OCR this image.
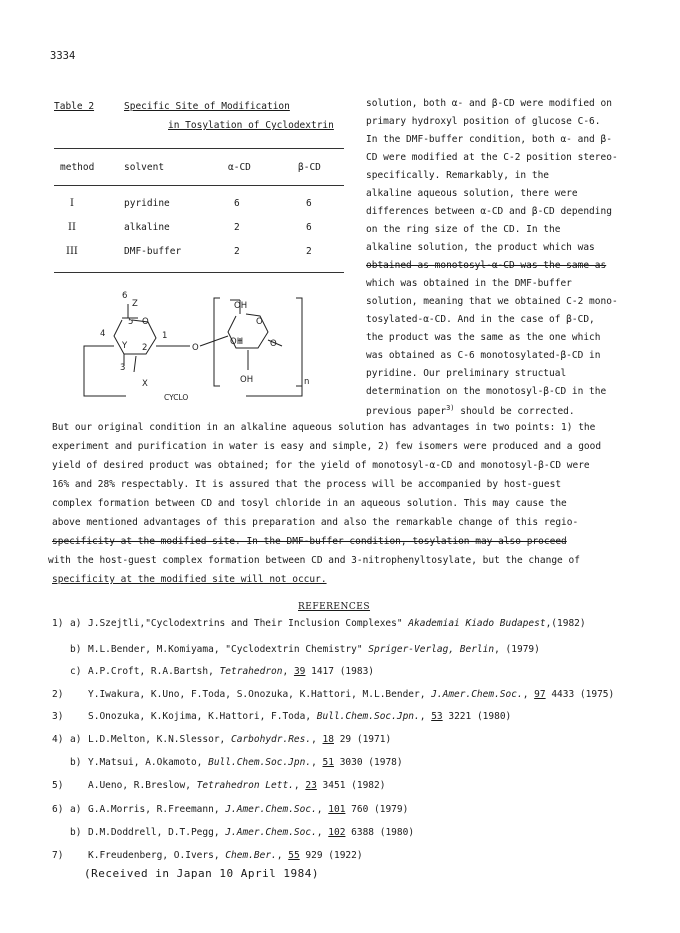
3334
Table 2	Specific Site of Modification
in Tosylation of Cyclodextrin
method	solvent	α-CD	β-CD
I	pyridine	6	6
II	alkaline	2	6
III	DMF-buffer	2	2
6
Z
5 O
4	1
Y 2
3
X
O
OH
O
OH	O
OH	n
CYCLO
solution, both α- and β-CD were modified on
primary hydroxyl position of glucose C-6.
In the DMF-buffer condition, both α- and β-
CD were modified at the C-2 position stereo-
specifically. Remarkably, in the
alkaline aqueous solution, there were
differences between α-CD and β-CD depending
on the ring size of the CD. In the
alkaline solution, the product which was
obtained as monotosyl-α-CD was the same as
which was obtained in the DMF-buffer
solution, meaning that we obtained C-2 mono-
tosylated-α-CD. And in the case of β-CD,
the product was the same as the one which
was obtained as C-6 monotosylated-β-CD in
pyridine. Our preliminary structual
determination on the monotosyl-β-CD in the
previous paper$^{3)}$ should be corrected.
But our original condition in an alkaline aqueous solution has advantages in two points: 1) the
experiment and purification in water is easy and simple, 2) few isomers were produced and a good
yield of desired product was obtained; for the yield of monotosyl-α-CD and monotosyl-β-CD were
16% and 28% respectably. It is assured that the process will be accompanied by host-guest
complex formation between CD and tosyl chloride in an aqueous solution. This may cause the
above mentioned advantages of this preparation and also the remarkable change of this regio-
specificity at the modified site. In the DMF-buffer condition, tosylation may also proceed
with the host-guest complex formation between CD and 3-nitrophenyltosylate, but the change of
specificity at the modified site will not occur.
REFERENCES
1) a) J.Szejtli,"Cyclodextrins and Their Inclusion Complexes" Akademiai Kiado Budapest,(1982)
b) M.L.Bender, M.Komiyama, "Cyclodextrin Chemistry" Spriger-Verlag, Berlin, (1979)
c) A.P.Croft, R.A.Bartsh, Tetrahedron, 39 1417 (1983)
2)	Y.Iwakura, K.Uno, F.Toda, S.Onozuka, K.Hattori, M.L.Bender, J.Amer.Chem.Soc., 97 4433 (1975)
3)	S.Onozuka, K.Kojima, K.Hattori, F.Toda, Bull.Chem.Soc.Jpn., 53 3221 (1980)
4) a) L.D.Melton, K.N.Slessor, Carbohydr.Res., 18 29 (1971)
b) Y.Matsui, A.Okamoto, Bull.Chem.Soc.Jpn., 51 3030 (1978)
5)	A.Ueno, R.Breslow, Tetrahedron Lett., 23 3451 (1982)
6) a) G.A.Morris, R.Freemann, J.Amer.Chem.Soc., 101 760 (1979)
b) D.M.Doddrell, D.T.Pegg, J.Amer.Chem.Soc., 102 6388 (1980)
7)	K.Freudenberg, O.Ivers, Chem.Ber., 55 929 (1922)
(Received in Japan 10 April 1984)
